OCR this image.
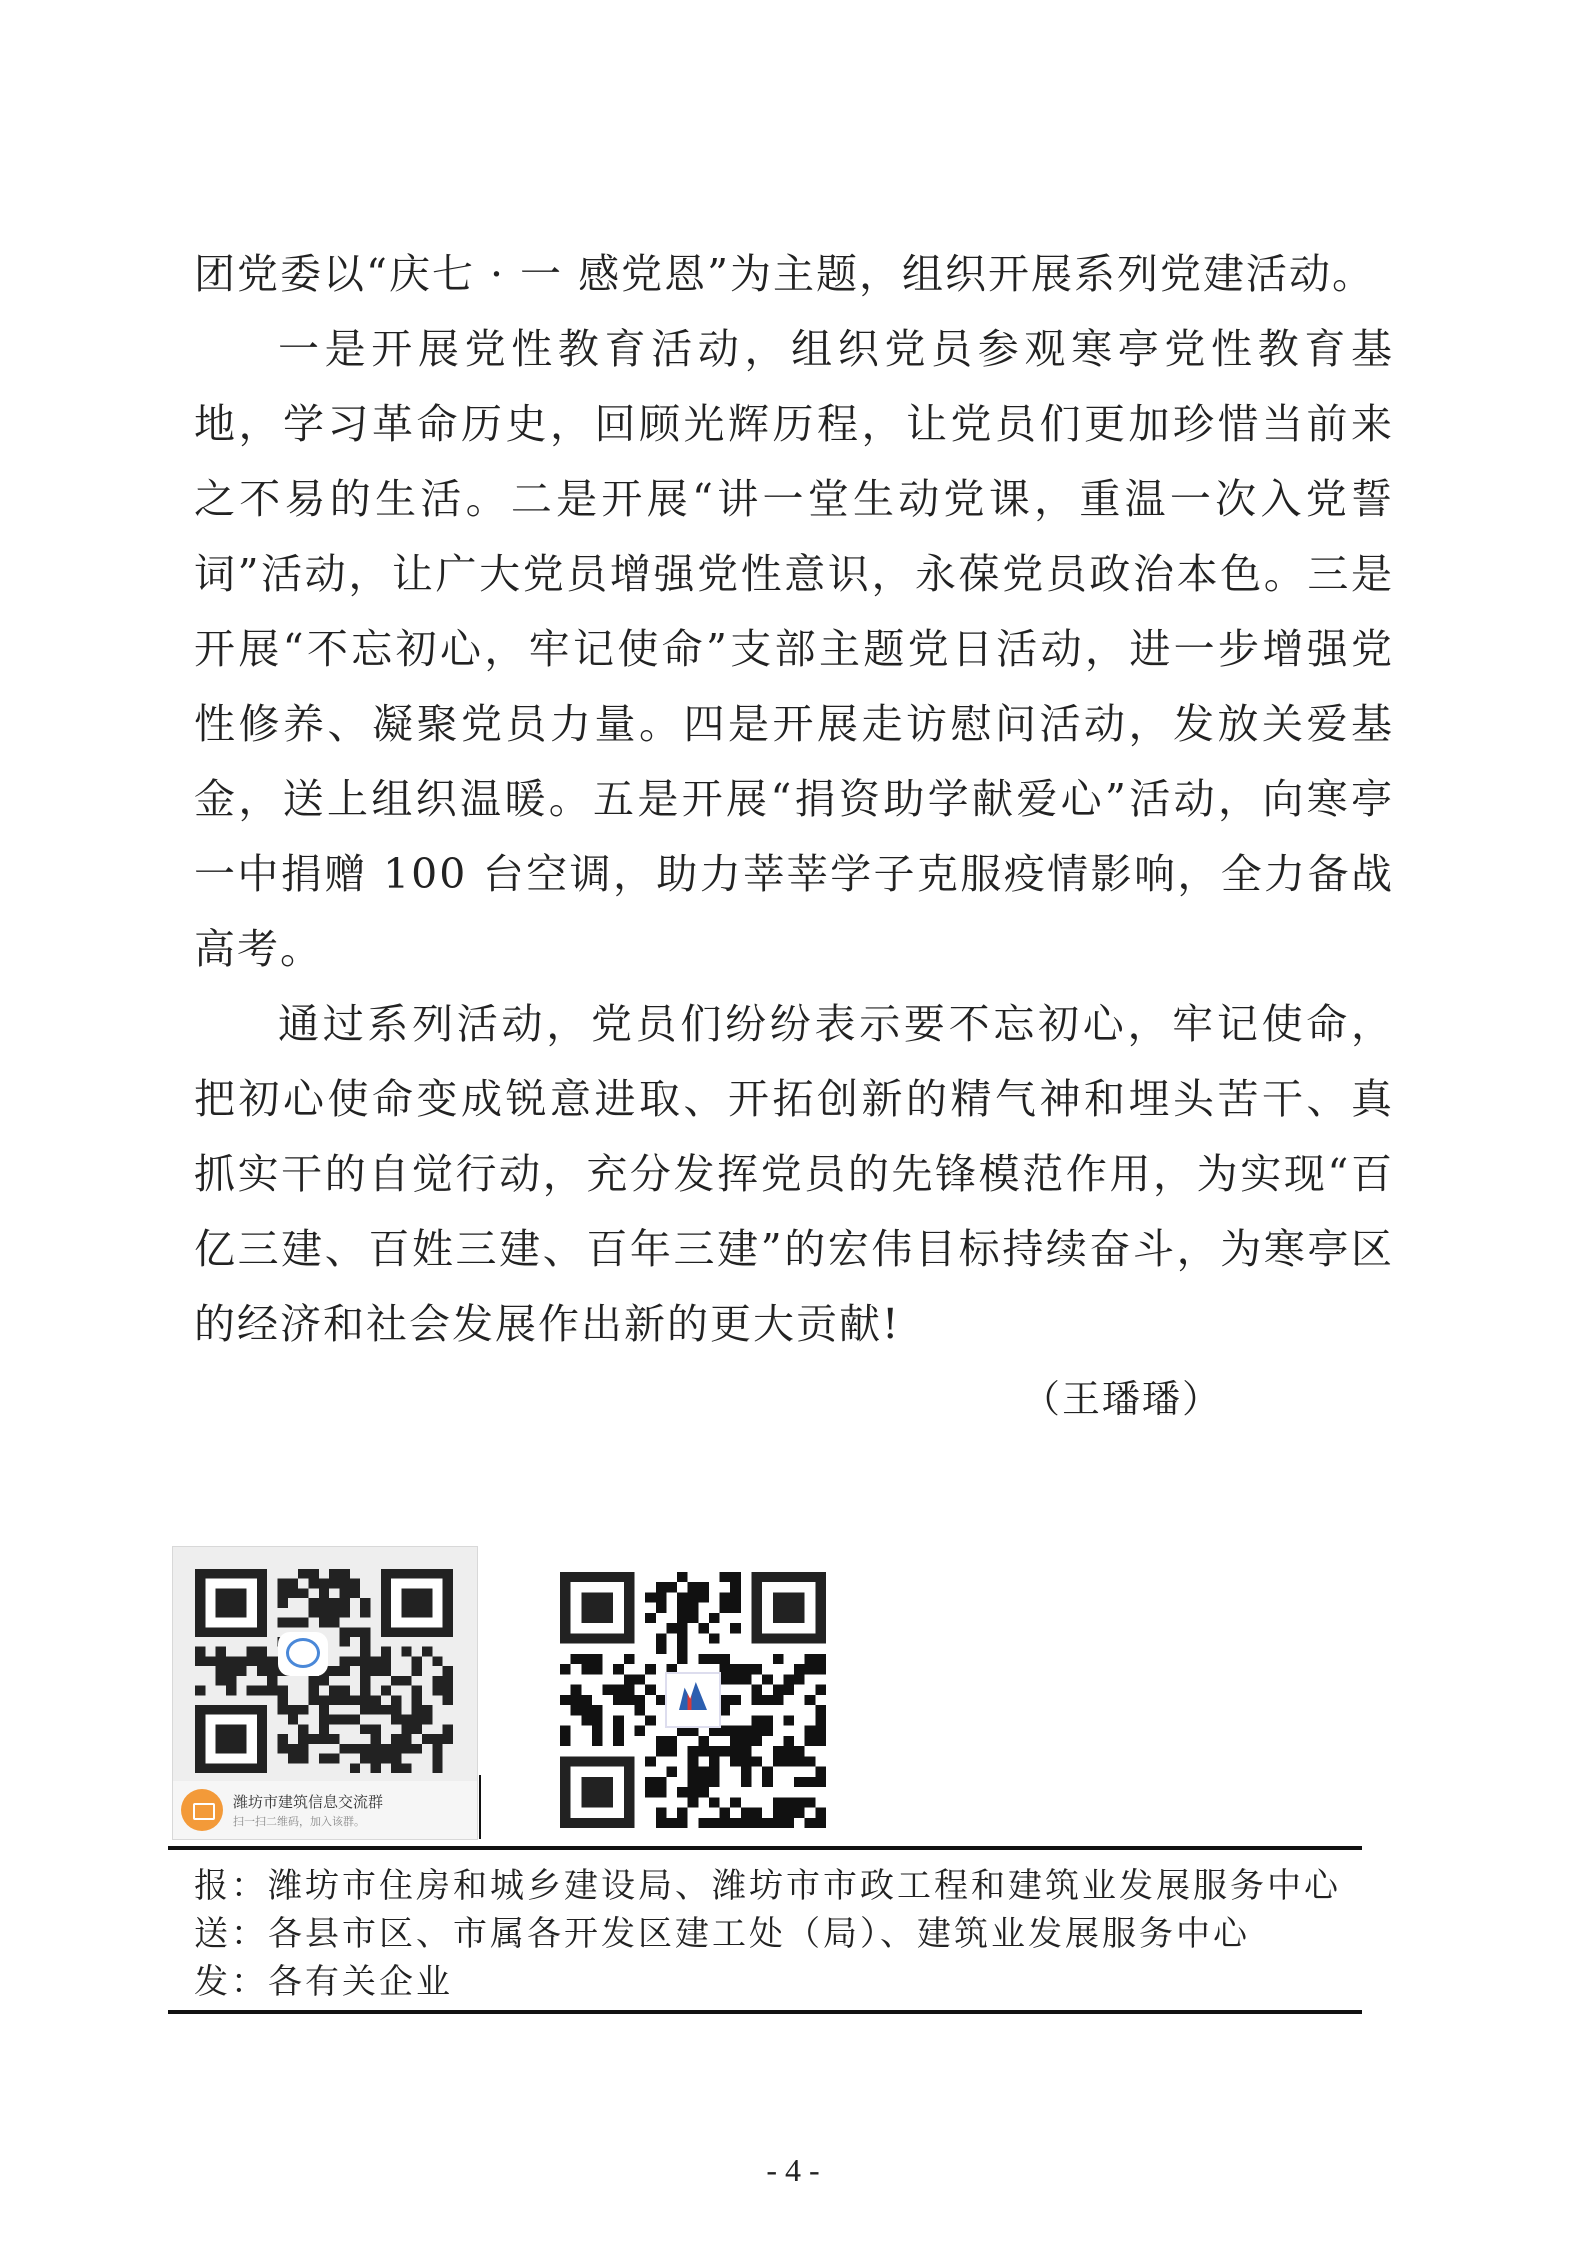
团党委以“庆七 · 一 感党恩”为主题，组织开展系列党建活动。

一是开展党性教育活动，组织党员参观寒亭党性教育基地，学习革命历史，回顾光辉历程，让党员们更加珍惜当前来之不易的生活。二是开展“讲一堂生动党课，重温一次入党誓词”活动，让广大党员增强党性意识，永葆党员政治本色。三是开展“不忘初心，牢记使命”支部主题党日活动，进一步增强党性修养、凝聚党员力量。四是开展走访慰问活动，发放关爱基金，送上组织温暖。五是开展“捐资助学献爱心”活动，向寒亭一中捐赠 100 台空调，助力莘莘学子克服疫情影响，全力备战高考。

通过系列活动，党员们纷纷表示要不忘初心，牢记使命，把初心使命变成锐意进取、开拓创新的精气神和埋头苦干、真抓实干的自觉行动，充分发挥党员的先锋模范作用，为实现“百亿三建、百姓三建、百年三建”的宏伟目标持续奋斗，为寒亭区的经济和社会发展作出新的更大贡献!

（王璠璠）
潍坊市建筑信息交流群
扫一扫二维码，加入该群。
报：潍坊市住房和城乡建设局、潍坊市市政工程和建筑业发展服务中心
送：各县市区、市属各开发区建工处（局）、建筑业发展服务中心
发：各有关企业
- 4 -
